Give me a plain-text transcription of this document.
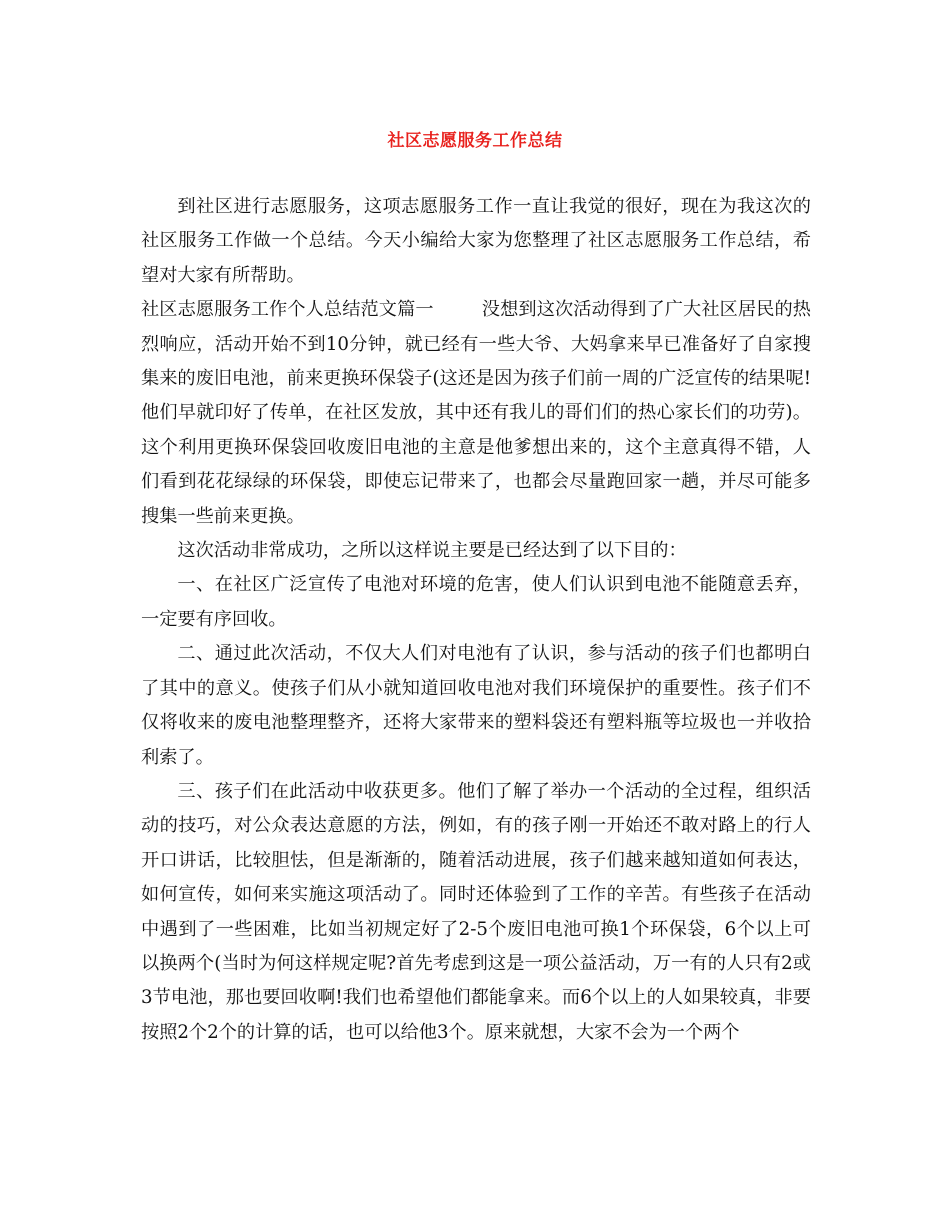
社区志愿服务工作总结

到社区进行志愿服务，这项志愿服务工作一直让我觉的很好，现在为我这次的社区服务工作做一个总结。今天小编给大家为您整理了社区志愿服务工作总结，希望对大家有所帮助。

社区志愿服务工作个人总结范文篇一	没想到这次活动得到了广大社区居民的热烈响应，活动开始不到10分钟，就已经有一些大爷、大妈拿来早已准备好了自家搜集来的废旧电池，前来更换环保袋子(这还是因为孩子们前一周的广泛宣传的结果呢!他们早就印好了传单，在社区发放，其中还有我儿的哥们们的热心家长们的功劳)。这个利用更换环保袋回收废旧电池的主意是他爹想出来的，这个主意真得不错，人们看到花花绿绿的环保袋，即使忘记带来了，也都会尽量跑回家一趟，并尽可能多搜集一些前来更换。

这次活动非常成功，之所以这样说主要是已经达到了以下目的：

一、在社区广泛宣传了电池对环境的危害，使人们认识到电池不能随意丢弃，一定要有序回收。

二、通过此次活动，不仅大人们对电池有了认识，参与活动的孩子们也都明白了其中的意义。使孩子们从小就知道回收电池对我们环境保护的重要性。孩子们不仅将收来的废电池整理整齐，还将大家带来的塑料袋还有塑料瓶等垃圾也一并收拾利索了。

三、孩子们在此活动中收获更多。他们了解了举办一个活动的全过程，组织活动的技巧，对公众表达意愿的方法，例如，有的孩子刚一开始还不敢对路上的行人开口讲话，比较胆怯，但是渐渐的，随着活动进展，孩子们越来越知道如何表达，如何宣传，如何来实施这项活动了。同时还体验到了工作的辛苦。有些孩子在活动中遇到了一些困难，比如当初规定好了2-5个废旧电池可换1个环保袋，6个以上可以换两个(当时为何这样规定呢?首先考虑到这是一项公益活动，万一有的人只有2或3节电池，那也要回收啊!我们也希望他们都能拿来。而6个以上的人如果较真，非要按照2个2个的计算的话，也可以给他3个。原来就想，大家不会为一个两个
